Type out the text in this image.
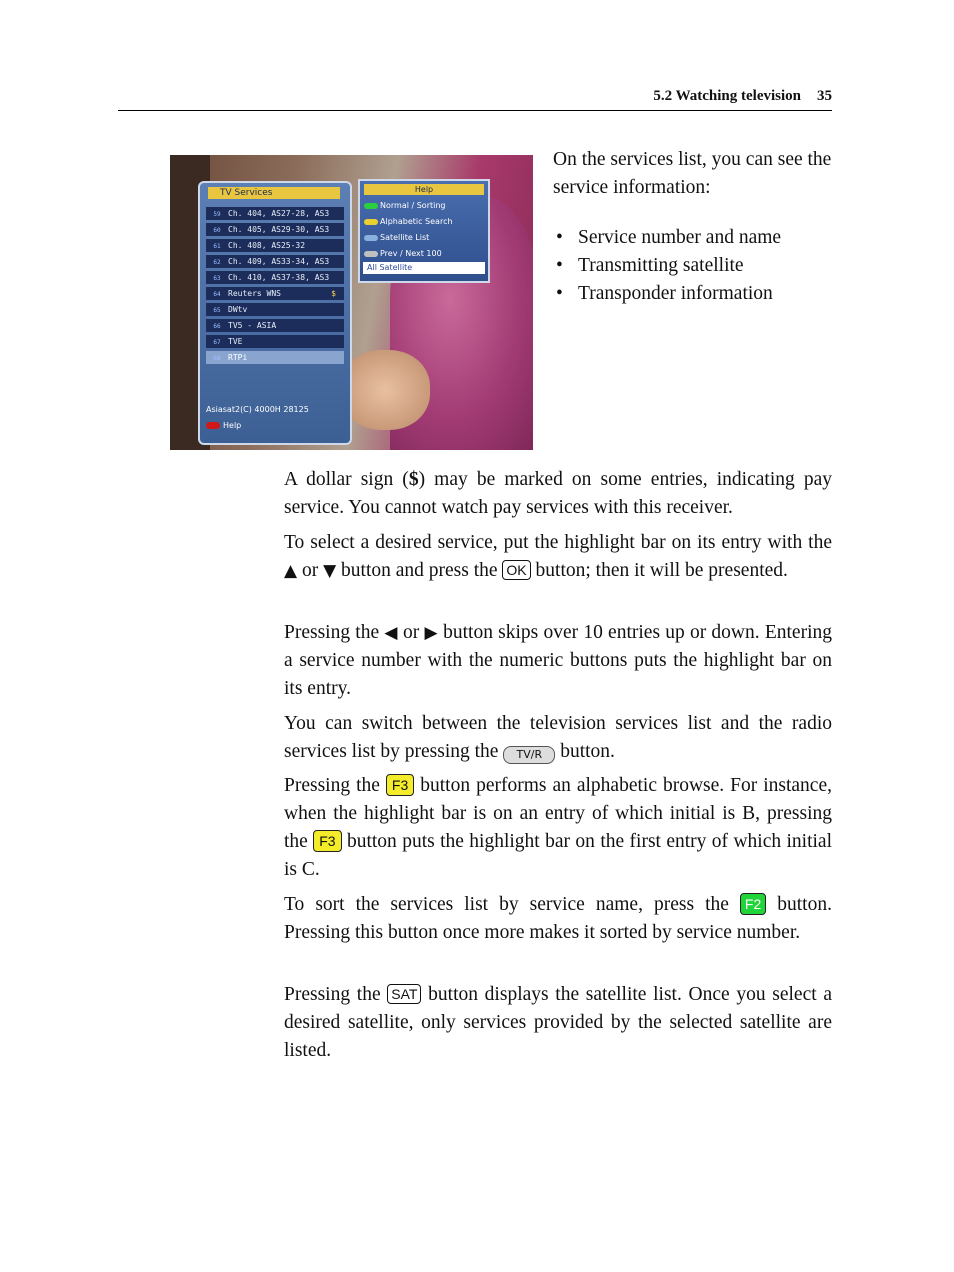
5.2 Watching television 35
TV Services
59 Ch. 404, AS27-28, AS3
60 Ch. 405, AS29-30, AS3
61 Ch. 408, AS25-32
62 Ch. 409, AS33-34, AS3
63 Ch. 410, AS37-38, AS3
64 Reuters WNS	$
65 DWtv
66 TV5 - ASIA
67 TVE
68 RTPi
Asiasat2(C) 4000H 28125
Help
Help
Normal / Sorting
Alphabetic Search
Satellite List
Prev / Next 100
All Satellite

On the services list, you can see the service information:

• Service number and name
• Transmitting satellite
• Transponder information

A dollar sign ($) may be marked on some entries, indicating pay service. You cannot watch pay services with this receiver.

To select a desired service, put the highlight bar on its entry with the ▲ or ▼ button and press the OK button; then it will be presented.

Pressing the ◀ or ▶ button skips over 10 entries up or down. Entering a service number with the numeric buttons puts the highlight bar on its entry.

You can switch between the television services list and the radio services list by pressing the TV/R button.

Pressing the F3 button performs an alphabetic browse. For instance, when the highlight bar is on an entry of which initial is B, pressing the F3 button puts the highlight bar on the first entry of which initial is C.

To sort the services list by service name, press the F2 button. Pressing this button once more makes it sorted by service number.

Pressing the SAT button displays the satellite list. Once you select a desired satellite, only services provided by the selected satellite are listed.
